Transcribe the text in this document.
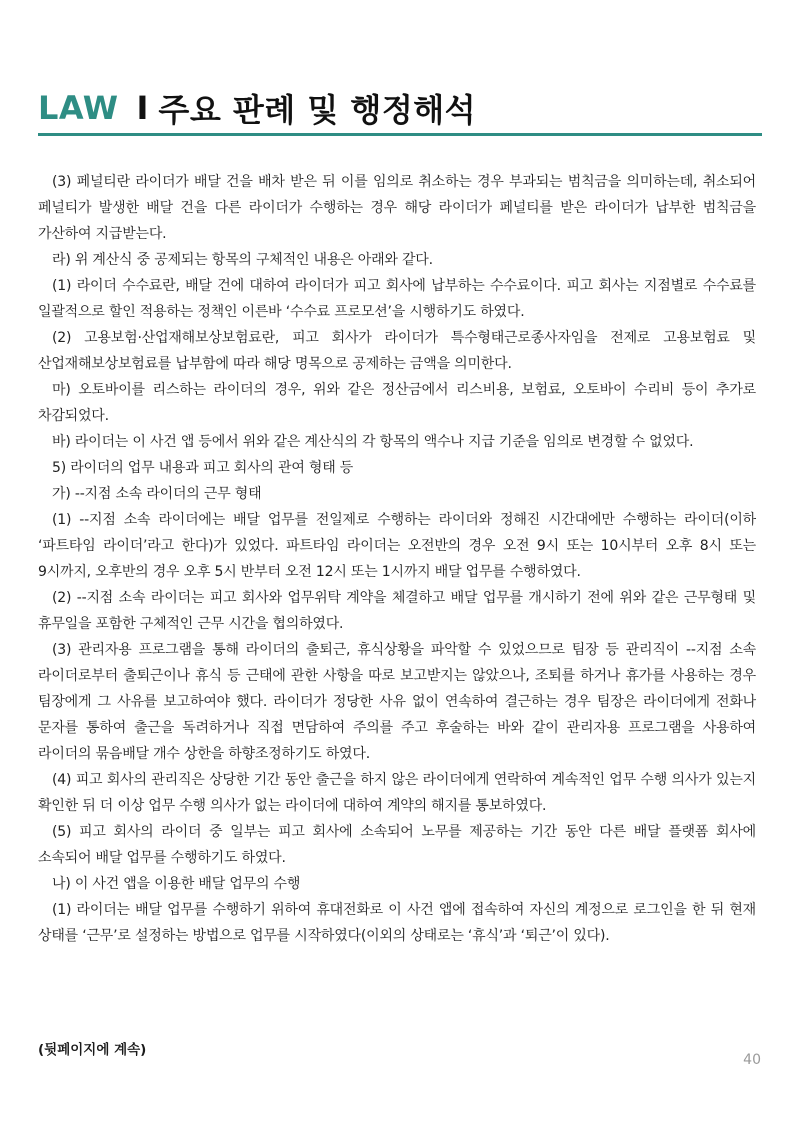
LAW I 주요 판례 및 행정해석

(3) 페널티란 라이더가 배달 건을 배차 받은 뒤 이를 임의로 취소하는 경우 부과되는 범칙금을 의미하는데, 취소되어 페널티가 발생한 배달 건을 다른 라이더가 수행하는 경우 해당 라이더가 페널티를 받은 라이더가 납부한 범칙금을 가산하여 지급받는다.

라) 위 계산식 중 공제되는 항목의 구체적인 내용은 아래와 같다.

(1) 라이더 수수료란, 배달 건에 대하여 라이더가 피고 회사에 납부하는 수수료이다. 피고 회사는 지점별로 수수료를 일괄적으로 할인 적용하는 정책인 이른바 ‘수수료 프로모션’을 시행하기도 하였다.

(2) 고용보험·산업재해보상보험료란, 피고 회사가 라이더가 특수형태근로종사자임을 전제로 고용보험료 및 산업재해보상보험료를 납부함에 따라 해당 명목으로 공제하는 금액을 의미한다.

마) 오토바이를 리스하는 라이더의 경우, 위와 같은 정산금에서 리스비용, 보험료, 오토바이 수리비 등이 추가로 차감되었다.

바) 라이더는 이 사건 앱 등에서 위와 같은 계산식의 각 항목의 액수나 지급 기준을 임의로 변경할 수 없었다.

5) 라이더의 업무 내용과 피고 회사의 관여 형태 등

가) --지점 소속 라이더의 근무 형태

(1) --지점 소속 라이더에는 배달 업무를 전일제로 수행하는 라이더와 정해진 시간대에만 수행하는 라이더(이하 ‘파트타임 라이더’라고 한다)가 있었다. 파트타임 라이더는 오전반의 경우 오전 9시 또는 10시부터 오후 8시 또는 9시까지, 오후반의 경우 오후 5시 반부터 오전 12시 또는 1시까지 배달 업무를 수행하였다.

(2) --지점 소속 라이더는 피고 회사와 업무위탁 계약을 체결하고 배달 업무를 개시하기 전에 위와 같은 근무형태 및 휴무일을 포함한 구체적인 근무 시간을 협의하였다.

(3) 관리자용 프로그램을 통해 라이더의 출퇴근, 휴식상황을 파악할 수 있었으므로 팀장 등 관리직이 --지점 소속 라이더로부터 출퇴근이나 휴식 등 근태에 관한 사항을 따로 보고받지는 않았으나, 조퇴를 하거나 휴가를 사용하는 경우 팀장에게 그 사유를 보고하여야 했다. 라이더가 정당한 사유 없이 연속하여 결근하는 경우 팀장은 라이더에게 전화나 문자를 통하여 출근을 독려하거나 직접 면담하여 주의를 주고 후술하는 바와 같이 관리자용 프로그램을 사용하여 라이더의 묶음배달 개수 상한을 하향조정하기도 하였다.

(4) 피고 회사의 관리직은 상당한 기간 동안 출근을 하지 않은 라이더에게 연락하여 계속적인 업무 수행 의사가 있는지 확인한 뒤 더 이상 업무 수행 의사가 없는 라이더에 대하여 계약의 해지를 통보하였다.

(5) 피고 회사의 라이더 중 일부는 피고 회사에 소속되어 노무를 제공하는 기간 동안 다른 배달 플랫폼 회사에 소속되어 배달 업무를 수행하기도 하였다.

나) 이 사건 앱을 이용한 배달 업무의 수행

(1) 라이더는 배달 업무를 수행하기 위하여 휴대전화로 이 사건 앱에 접속하여 자신의 계정으로 로그인을 한 뒤 현재 상태를 ‘근무’로 설정하는 방법으로 업무를 시작하였다(이외의 상태로는 ‘휴식’과 ‘퇴근’이 있다).

(뒷페이지에 계속)
40
